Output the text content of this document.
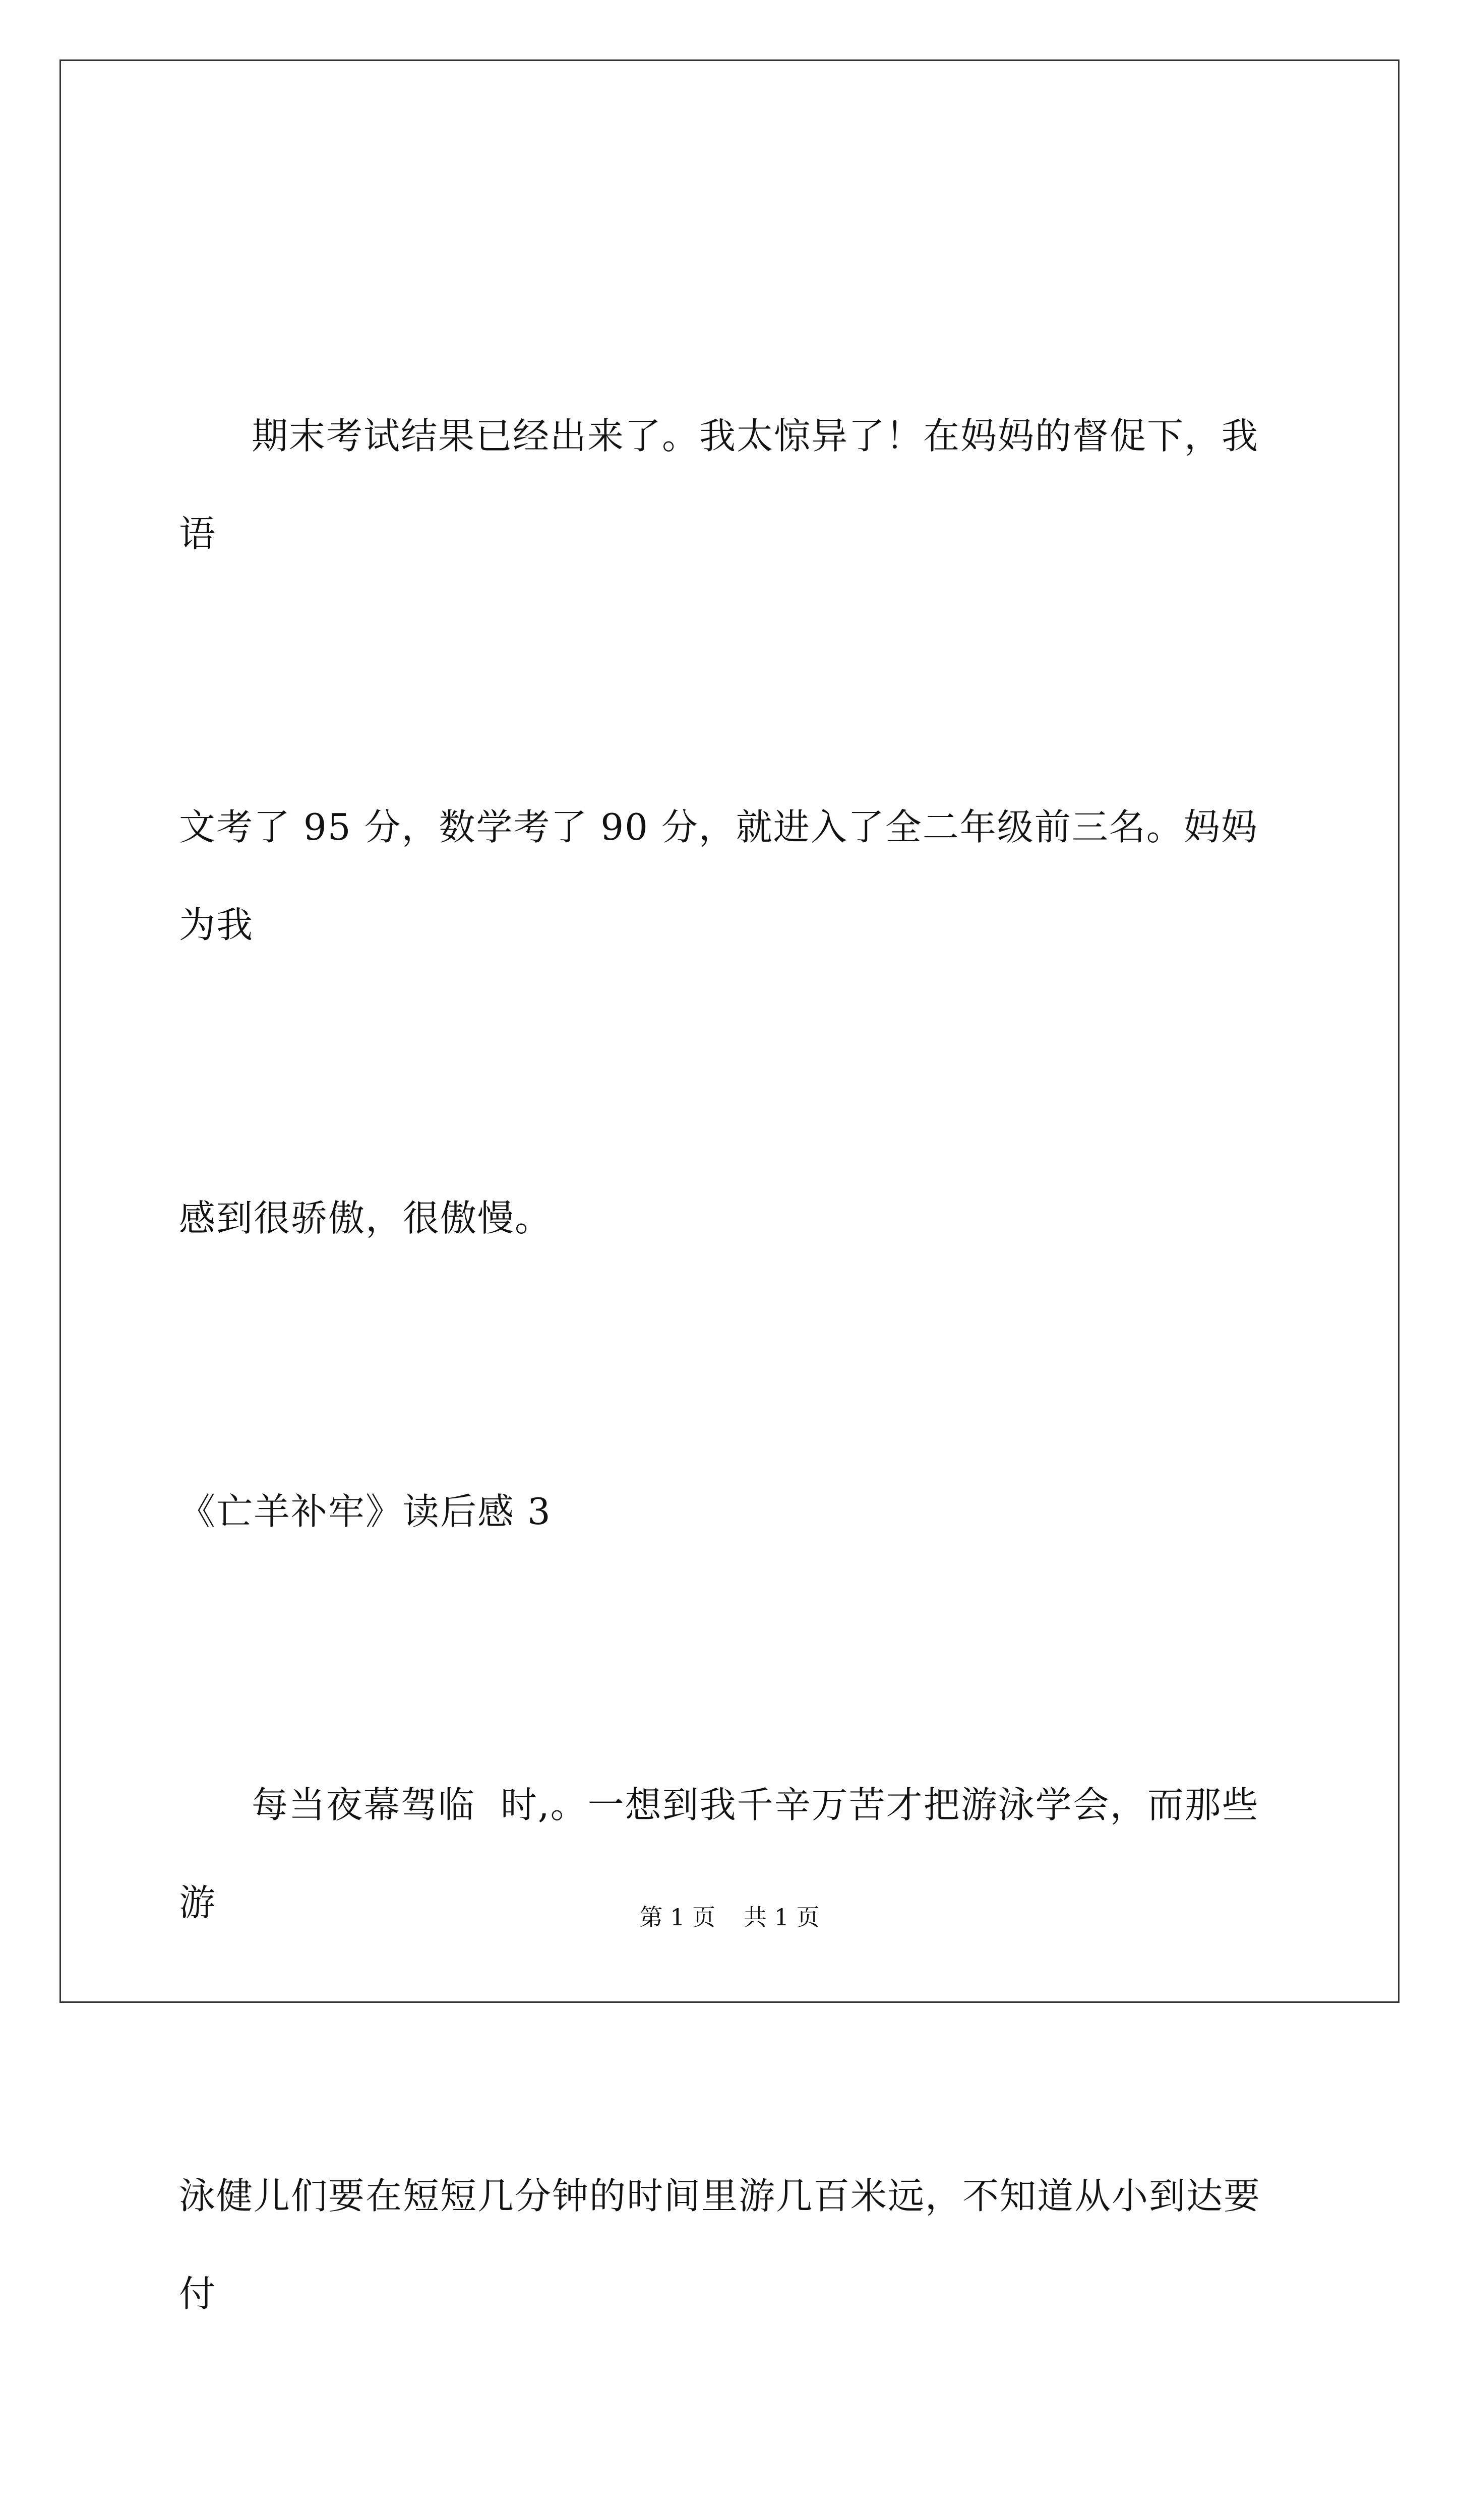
期末考试结果已经出来了。我太惊异了！在妈妈的督促下，我语

文考了 95 分，数学考了 90 分，就进入了全二年级前三名。妈妈为我

感到很骄傲，很傲慢。

《亡羊补牢》读后感 3

每当夜幕驾临  时,。一想到我千辛万苦才把游泳学会，而那些游

泳健儿们要在短短几分钟的时间里游几百米远，不知道从小到达要付

第 1 页 共 1 页
